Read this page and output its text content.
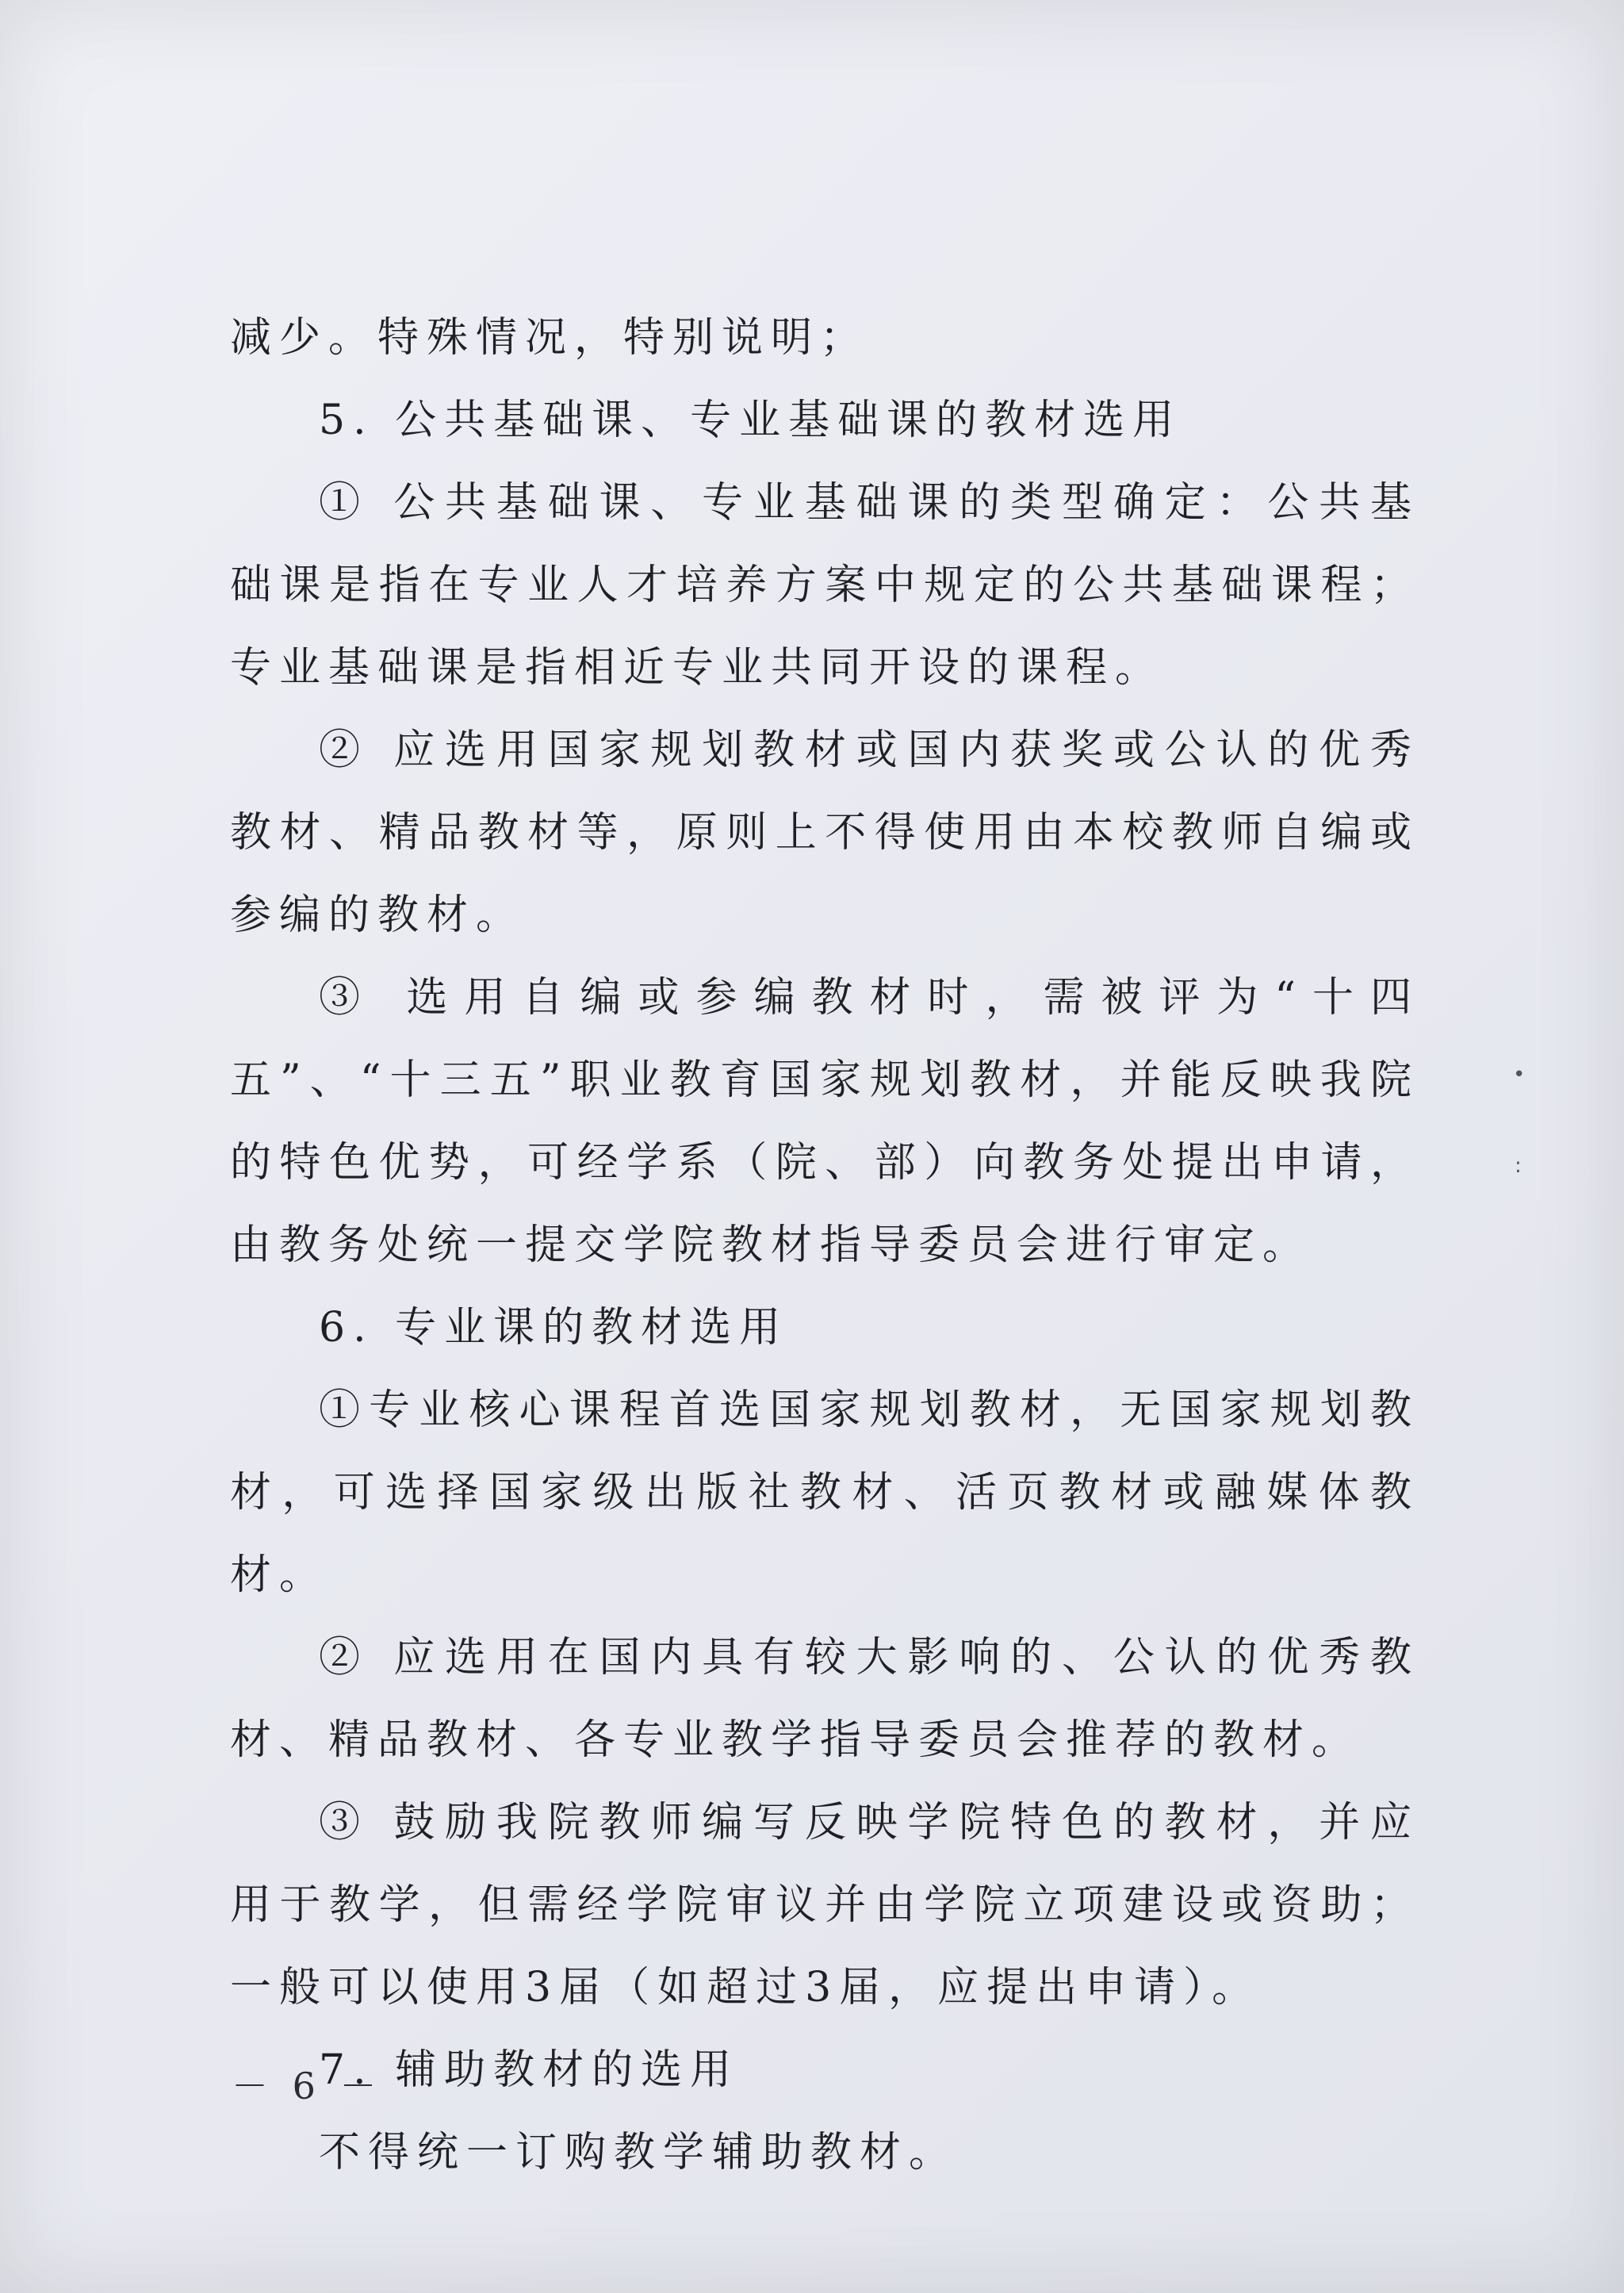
减少。特殊情况，特别说明；

5. 公共基础课、专业基础课的教材选用

① 公共基础课、专业基础课的类型确定：公共基础课是指在专业人才培养方案中规定的公共基础课程；专业基础课是指相近专业共同开设的课程。

② 应选用国家规划教材或国内获奖或公认的优秀教材、精品教材等，原则上不得使用由本校教师自编或参编的教材。

③ 选用自编或参编教材时，需被评为“十四五”、“十三五”职业教育国家规划教材，并能反映我院的特色优势，可经学系（院、部）向教务处提出申请，由教务处统一提交学院教材指导委员会进行审定。

6. 专业课的教材选用

①专业核心课程首选国家规划教材，无国家规划教材，可选择国家级出版社教材、活页教材或融媒体教材。

② 应选用在国内具有较大影响的、公认的优秀教材、精品教材、各专业教学指导委员会推荐的教材。

③ 鼓励我院教师编写反映学院特色的教材，并应用于教学，但需经学院审议并由学院立项建设或资助；一般可以使用3届（如超过3届，应提出申请）。

7. 辅助教材的选用

不得统一订购教学辅助教材。

－ 6 －
•
:
